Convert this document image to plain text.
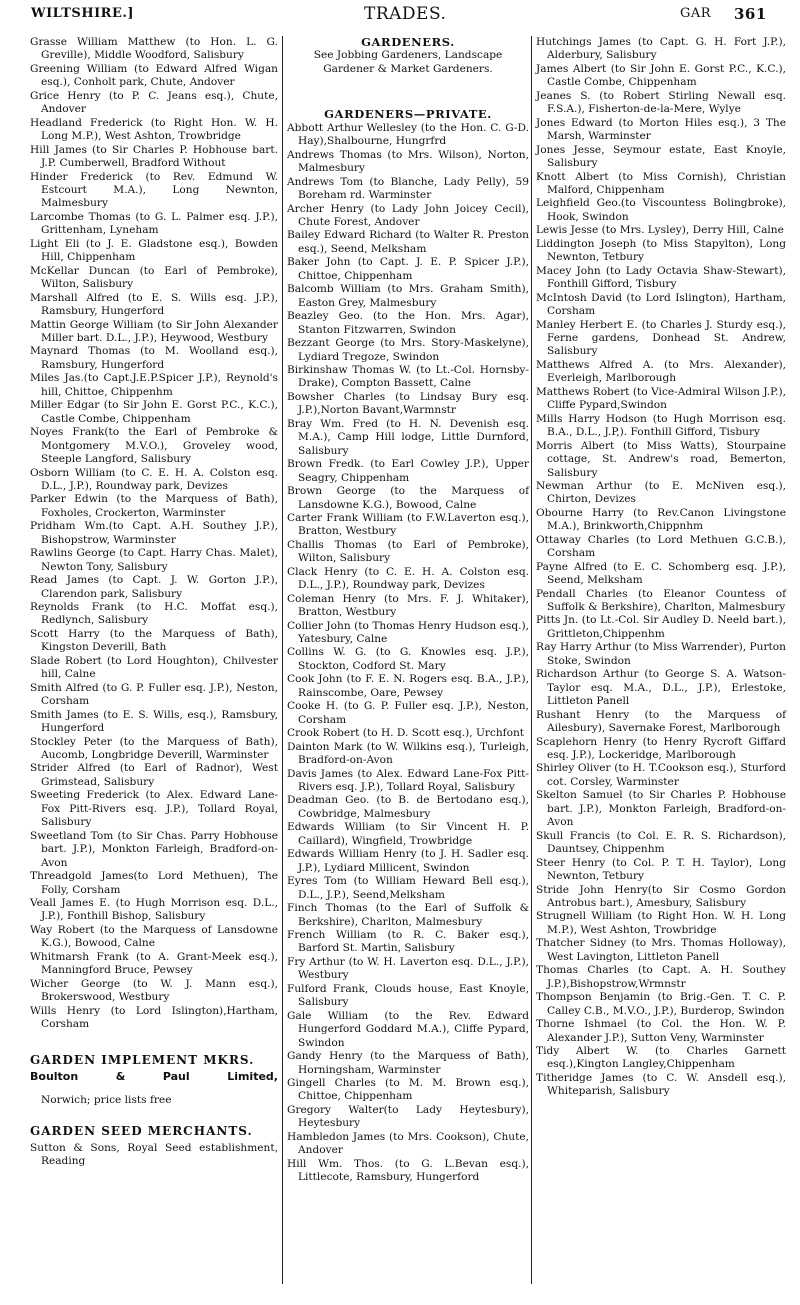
WILTSHIRE.]	TRADES.	GAR 361

Grasse William Matthew (to Hon. L. G. Greville), Middle Woodford, Salisbury

Greening William (to Edward Alfred Wigan esq.), Conholt park, Chute, Andover

Grice Henry (to P. C. Jeans esq.), Chute, Andover

Headland Frederick (to Right Hon. W. H. Long M.P.), West Ashton, Trowbridge

Hill James (to Sir Charles P. Hobhouse bart. J.P. Cumberwell, Bradford Without

Hinder Frederick (to Rev. Edmund W. Estcourt M.A.), Long Newnton, Malmesbury

Larcombe Thomas (to G. L. Palmer esq. J.P.), Grittenham, Lyneham

Light Eli (to J. E. Gladstone esq.), Bowden Hill, Chippenham

McKellar Duncan (to Earl of Pembroke), Wilton, Salisbury

Marshall Alfred (to E. S. Wills esq. J.P.), Ramsbury, Hungerford

Mattin George William (to Sir John Alexander Miller bart. D.L., J.P.), Heywood, Westbury

Maynard Thomas (to M. Woolland esq.), Ramsbury, Hungerford

Miles Jas.(to Capt.J.E.P.Spicer J.P.), Reynold's hill, Chittoe, Chippenhm

Miller Edgar (to Sir John E. Gorst P.C., K.C.), Castle Combe, Chippenham

Noyes Frank(to the Earl of Pembroke & Montgomery M.V.O.), Groveley wood, Steeple Langford, Salisbury

Osborn William (to C. E. H. A. Colston esq. D.L., J.P.), Roundway park, Devizes

Parker Edwin (to the Marquess of Bath), Foxholes, Crockerton, Warminster

Pridham Wm.(to Capt. A.H. Southey J.P.), Bishopstrow, Warminster

Rawlins George (to Capt. Harry Chas. Malet), Newton Tony, Salisbury

Read James (to Capt. J. W. Gorton J.P.), Clarendon park, Salisbury

Reynolds Frank (to H.C. Moffat esq.), Redlynch, Salisbury

Scott Harry (to the Marquess of Bath), Kingston Deverill, Bath

Slade Robert (to Lord Houghton), Chilvester hill, Calne

Smith Alfred (to G. P. Fuller esq. J.P.), Neston, Corsham

Smith James (to E. S. Wills, esq.), Ramsbury, Hungerford

Stockley Peter (to the Marquess of Bath), Aucomb, Longbridge Deverill, Warminster

Strider Alfred (to Earl of Radnor), West Grimstead, Salisbury

Sweeting Frederick (to Alex. Edward Lane-Fox Pitt-Rivers esq. J.P.), Tollard Royal, Salisbury

Sweetland Tom (to Sir Chas. Parry Hobhouse bart. J.P.), Monkton Farleigh, Bradford-on-Avon

Threadgold James(to Lord Methuen), The Folly, Corsham

Veall James E. (to Hugh Morrison esq. D.L., J.P.), Fonthill Bishop, Salisbury

Way Robert (to the Marquess of Lansdowne K.G.), Bowood, Calne

Whitmarsh Frank (to A. Grant-Meek esq.), Manningford Bruce, Pewsey

Wicher George (to W. J. Mann esq.), Brokerswood, Westbury

Wills Henry (to Lord Islington),Hartham, Corsham

GARDEN IMPLEMENT MKRS.

Boulton	&	Paul	Limited,

Norwich; price lists free

GARDEN SEED MERCHANTS.

Sutton & Sons, Royal Seed establishment, Reading

GARDENERS.

See Jobbing Gardeners, Landscape Gardener & Market Gardeners.

GARDENERS—PRIVATE.

Abbott Arthur Wellesley (to the Hon. C. G-D. Hay),Shalbourne, Hungrfrd

Andrews Thomas (to Mrs. Wilson), Norton, Malmesbury

Andrews Tom (to Blanche, Lady Pelly), 59 Boreham rd. Warminster

Archer Henry (to Lady John Joicey Cecil), Chute Forest, Andover

Bailey Edward Richard (to Walter R. Preston esq.), Seend, Melksham

Baker John (to Capt. J. E. P. Spicer J.P.), Chittoe, Chippenham

Balcomb William (to Mrs. Graham Smith), Easton Grey, Malmesbury

Beazley Geo. (to the Hon. Mrs. Agar), Stanton Fitzwarren, Swindon

Bezzant George (to Mrs. Story-Maskelyne), Lydiard Tregoze, Swindon

Birkinshaw Thomas W. (to Lt.-Col. Hornsby-Drake), Compton Bassett, Calne

Bowsher Charles (to Lindsay Bury esq. J.P.),Norton Bavant,Warmnstr

Bray Wm. Fred (to H. N. Devenish esq. M.A.), Camp Hill lodge, Little Durnford, Salisbury

Brown Fredk. (to Earl Cowley J.P.), Upper Seagry, Chippenham

Brown George (to the Marquess of Lansdowne K.G.), Bowood, Calne

Carter Frank William (to F.W.Laverton esq.), Bratton, Westbury

Challis Thomas (to Earl of Pembroke), Wilton, Salisbury

Clack Henry (to C. E. H. A. Colston esq. D.L., J.P.), Roundway park, Devizes

Coleman Henry (to Mrs. F. J. Whitaker), Bratton, Westbury

Collier John (to Thomas Henry Hudson esq.), Yatesbury, Calne

Collins W. G. (to G. Knowles esq. J.P.), Stockton, Codford St. Mary

Cook John (to F. E. N. Rogers esq. B.A., J.P.), Rainscombe, Oare, Pewsey

Cooke H. (to G. P. Fuller esq. J.P.), Neston, Corsham

Crook Robert (to H. D. Scott esq.), Urchfont

Dainton Mark (to W. Wilkins esq.), Turleigh, Bradford-on-Avon

Davis James (to Alex. Edward Lane-Fox Pitt-Rivers esq. J.P.), Tollard Royal, Salisbury

Deadman Geo. (to B. de Bertodano esq.), Cowbridge, Malmesbury

Edwards William (to Sir Vincent H. P. Caillard), Wingfield, Trowbridge

Edwards William Henry (to J. H. Sadler esq. J.P.), Lydiard Millicent, Swindon

Eyres Tom (to William Heward Bell esq.), D.L., J.P.), Seend,Melksham

Finch Thomas (to the Earl of Suffolk & Berkshire), Charlton, Malmesbury

French William (to R. C. Baker esq.), Barford St. Martin, Salisbury

Fry Arthur (to W. H. Laverton esq. D.L., J.P.), Westbury

Fulford Frank, Clouds house, East Knoyle, Salisbury

Gale William (to the Rev. Edward Hungerford Goddard M.A.), Cliffe Pypard, Swindon

Gandy Henry (to the Marquess of Bath), Horningsham, Warminster

Gingell Charles (to M. M. Brown esq.), Chittoe, Chippenham

Gregory Walter(to Lady Heytesbury), Heytesbury

Hambledon James (to Mrs. Cookson), Chute, Andover

Hill Wm. Thos. (to G. L.Bevan esq.), Littlecote, Ramsbury, Hungerford

Hutchings James (to Capt. G. H. Fort J.P.), Alderbury, Salisbury

James Albert (to Sir John E. Gorst P.C., K.C.), Castle Combe, Chippenham

Jeanes S. (to Robert Stirling Newall esq. F.S.A.), Fisherton-de-la-Mere, Wylye

Jones Edward (to Morton Hiles esq.), 3 The Marsh, Warminster

Jones Jesse, Seymour estate, East Knoyle, Salisbury

Knott Albert (to Miss Cornish), Christian Malford, Chippenham

Leighfield Geo.(to Viscountess Bolingbroke), Hook, Swindon

Lewis Jesse (to Mrs. Lysley), Derry Hill, Calne

Liddington Joseph (to Miss Stapylton), Long Newnton, Tetbury

Macey John (to Lady Octavia Shaw-Stewart), Fonthill Gifford, Tisbury

McIntosh David (to Lord Islington), Hartham, Corsham

Manley Herbert E. (to Charles J. Sturdy esq.), Ferne gardens, Donhead St. Andrew, Salisbury

Matthews Alfred A. (to Mrs. Alexander), Everleigh, Marlborough

Matthews Robert (to Vice-Admiral Wilson J.P.), Cliffe Pypard,Swindon

Mills Harry Hodson (to Hugh Morrison esq. B.A., D.L., J.P,). Fonthill Gifford, Tisbury

Morris Albert (to Miss Watts), Stourpaine cottage, St. Andrew's road, Bemerton, Salisbury

Newman Arthur (to E. McNiven esq.), Chirton, Devizes

Obourne Harry (to Rev.Canon Livingstone M.A.), Brinkworth,Chippnhm

Ottaway Charles (to Lord Methuen G.C.B.), Corsham

Payne Alfred (to E. C. Schomberg esq. J.P.), Seend, Melksham

Pendall Charles (to Eleanor Countess of Suffolk & Berkshire), Charlton, Malmesbury

Pitts Jn. (to Lt.-Col. Sir Audley D. Neeld bart.), Grittleton,Chippenhm

Ray Harry Arthur (to Miss Warrender), Purton Stoke, Swindon

Richardson Arthur (to George S. A. Watson-Taylor esq. M.A., D.L., J.P.), Erlestoke, Littleton Panell

Rushant Henry (to the Marquess of Ailesbury), Savernake Forest, Marlborough

Scaplehorn Henry (to Henry Rycroft Giffard esq. J.P.), Lockeridge, Marlborough

Shirley Oliver (to H. T.Cookson esq.), Sturford cot. Corsley, Warminster

Skelton Samuel (to Sir Charles P. Hobhouse bart. J.P.), Monkton Farleigh, Bradford-on-Avon

Skull Francis (to Col. E. R. S. Richardson), Dauntsey, Chippenhm

Steer Henry (to Col. P. T. H. Taylor), Long Newnton, Tetbury

Stride John Henry(to Sir Cosmo Gordon Antrobus bart.), Amesbury, Salisbury

Strugnell William (to Right Hon. W. H. Long M.P.), West Ashton, Trowbridge

Thatcher Sidney (to Mrs. Thomas Holloway), West Lavington, Littleton Panell

Thomas Charles (to Capt. A. H. Southey J.P.),Bishopstrow,Wrmnstr

Thompson Benjamin (to Brig.-Gen. T. C. P. Calley C.B., M.V.O., J.P.), Burderop, Swindon

Thorne Ishmael (to Col. the Hon. W. P. Alexander J.P.), Sutton Veny, Warminster

Tidy Albert W. (to Charles Garnett esq.),Kington Langley,Chippenham

Titheridge James (to C. W. Ansdell esq.), Whiteparish, Salisbury
